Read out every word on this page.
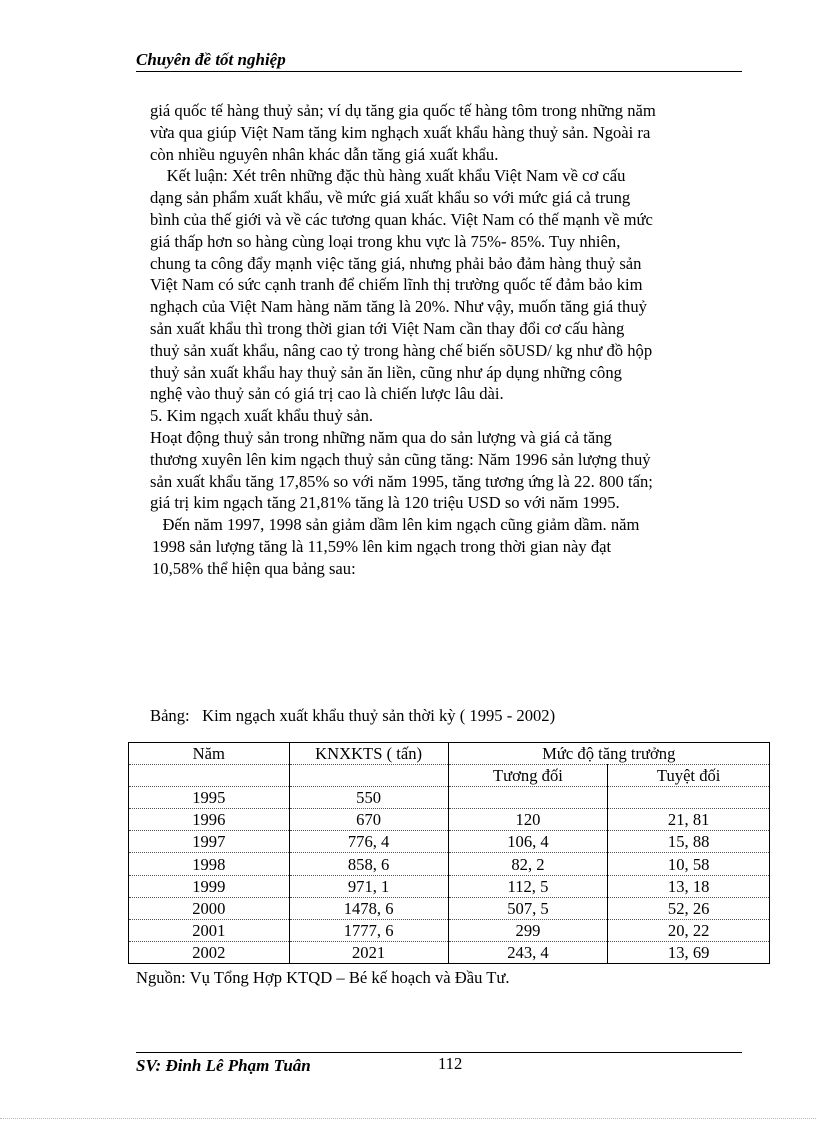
Chuyên đề tốt nghiệp

giá quốc tế hàng thuỷ sản; ví dụ tăng gia quốc tế hàng tôm trong những năm

vừa qua giúp Việt Nam tăng kim nghạch xuất khẩu hàng thuỷ sản. Ngoài ra

còn nhiều nguyên nhân khác dẫn tăng giá xuất khẩu.

Kết luận: Xét trên những đặc thù hàng xuất khẩu Việt Nam về cơ cấu

dạng sản phẩm xuất khẩu, về mức giá xuất khẩu so với mức giá cả trung

bình của thế giới và về các tương quan khác. Việt Nam có thế mạnh về mức

giá thấp hơn so hàng cùng loại trong khu vực là 75%- 85%. Tuy nhiên,

chung ta công đẩy mạnh việc tăng giá, nhưng phải bảo đảm hàng thuỷ sản

Việt Nam có sức cạnh tranh để chiếm lĩnh thị trường quốc tế đảm bảo kim

nghạch của Việt Nam hàng năm tăng là 20%. Như vậy, muốn tăng giá thuỷ

sản xuất khẩu thì trong thời gian tới Việt Nam cần thay đổi cơ cấu hàng

thuỷ sản xuất khẩu, nâng cao tỷ trong hàng chế biến sõUSD/ kg như đồ hộp

thuỷ sản xuất khẩu hay thuỷ sản ăn liền, cũng như áp dụng những công

nghệ vào thuỷ sản có giá trị cao là chiến lược lâu dài.

5. Kim ngạch xuất khẩu thuỷ sản.

Hoạt động thuỷ sản trong những năm qua do sản lượng và giá cả tăng

thương xuyên lên kim ngạch thuỷ sản cũng tăng: Năm 1996 sản lượng thuỷ

sản xuất khẩu tăng 17,85% so với năm 1995, tăng tương ứng là 22. 800 tấn;

giá trị kim ngạch tăng 21,81% tăng là 120 triệu USD so với năm 1995.

Đến năm 1997, 1998 sản giảm dầm lên kim ngạch cũng giảm dầm. năm

1998 sản lượng tăng là 11,59% lên kim ngạch trong thời gian này đạt

10,58% thể hiện qua bảng sau:

Bảng:   Kim ngạch xuất khẩu thuỷ sản thời kỳ ( 1995 - 2002)
Năm	KNXKTS ( tấn)	Mức độ tăng trưởng	
		Tương đối	Tuyệt đối
1995	550		
1996	670	120	21, 81
1997	776, 4	106, 4	15, 88
1998	858, 6	82, 2	10, 58
1999	971, 1	112, 5	13, 18
2000	1478, 6	507, 5	52, 26
2001	1777, 6	299	20, 22
2002	2021	243, 4	13, 69
Nguồn: Vụ Tổng Hợp KTQD – Bé kế hoạch và Đầu Tư.
SV: Đinh Lê Phạm Tuân	112
